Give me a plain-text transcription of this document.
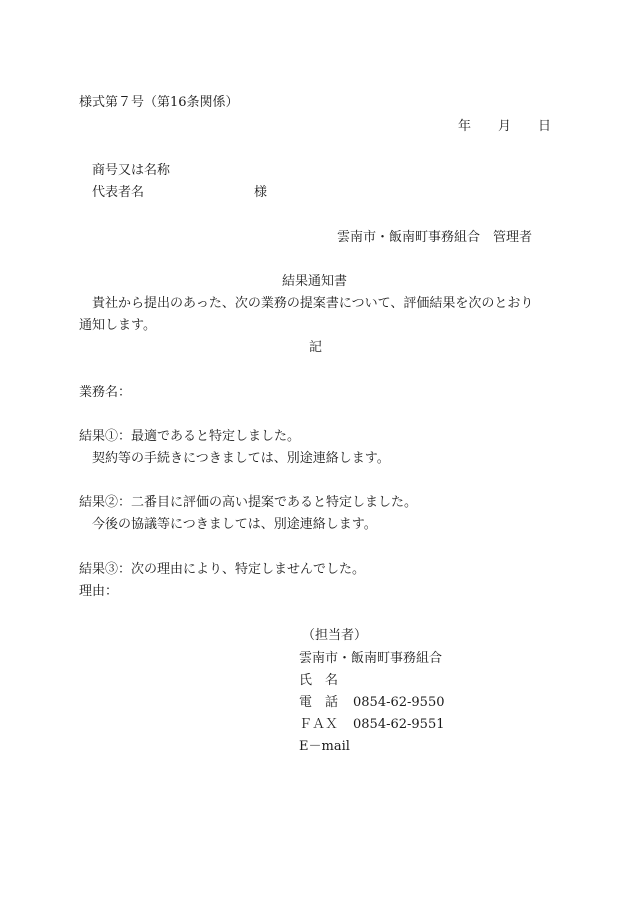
様式第７号（第16条関係）
年 月 日
商号又は名称
代表者名	様
雲南市・飯南町事務組合　管理者
結果通知書
貴社から提出のあった、次の業務の提案書について、評価結果を次のとおり
通知します。
記
業務名：
結果①：最適であると特定しました。
契約等の手続きにつきましては、別途連絡します。
結果②：二番目に評価の高い提案であると特定しました。
今後の協議等につきましては、別途連絡します。
結果③：次の理由により、特定しませんでした。
理由：
（担当者）
雲南市・飯南町事務組合
氏　名
電　話 0854-62-9550
ＦＡＸ 0854-62-9551
E－mail
